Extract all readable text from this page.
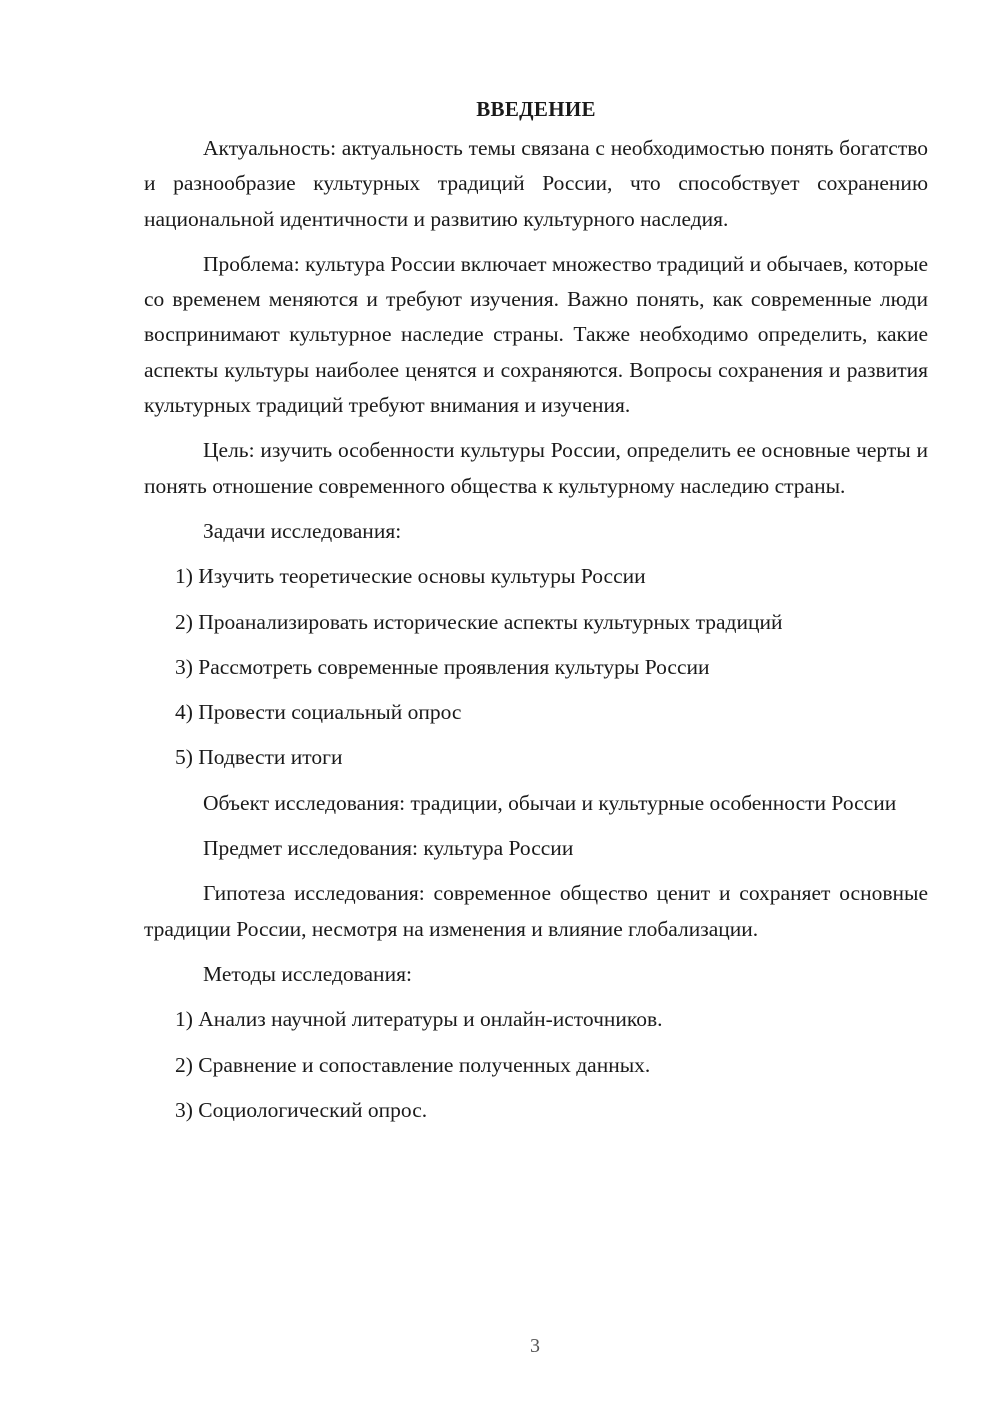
ВВЕДЕНИЕ

Актуальность: актуальность темы связана с необходимостью понять богатство и разнообразие культурных традиций России, что способствует сохранению национальной идентичности и развитию культурного наследия.

Проблема: культура России включает множество традиций и обычаев, которые со временем меняются и требуют изучения. Важно понять, как современные люди воспринимают культурное наследие страны. Также необходимо определить, какие аспекты культуры наиболее ценятся и сохраняются. Вопросы сохранения и развития культурных традиций требуют внимания и изучения.

Цель: изучить особенности культуры России, определить ее основные черты и понять отношение современного общества к культурному наследию страны.

Задачи исследования:
1) Изучить теоретические основы культуры России
2) Проанализировать исторические аспекты культурных традиций
3) Рассмотреть современные проявления культуры России
4) Провести социальный опрос
5) Подвести итоги

Объект исследования: традиции, обычаи и культурные особенности России

Предмет исследования: культура России

Гипотеза исследования: современное общество ценит и сохраняет основные традиции России, несмотря на изменения и влияние глобализации.

Методы исследования:
1) Анализ научной литературы и онлайн-источников.
2) Сравнение и сопоставление полученных данных.
3) Социологический опрос.
3
